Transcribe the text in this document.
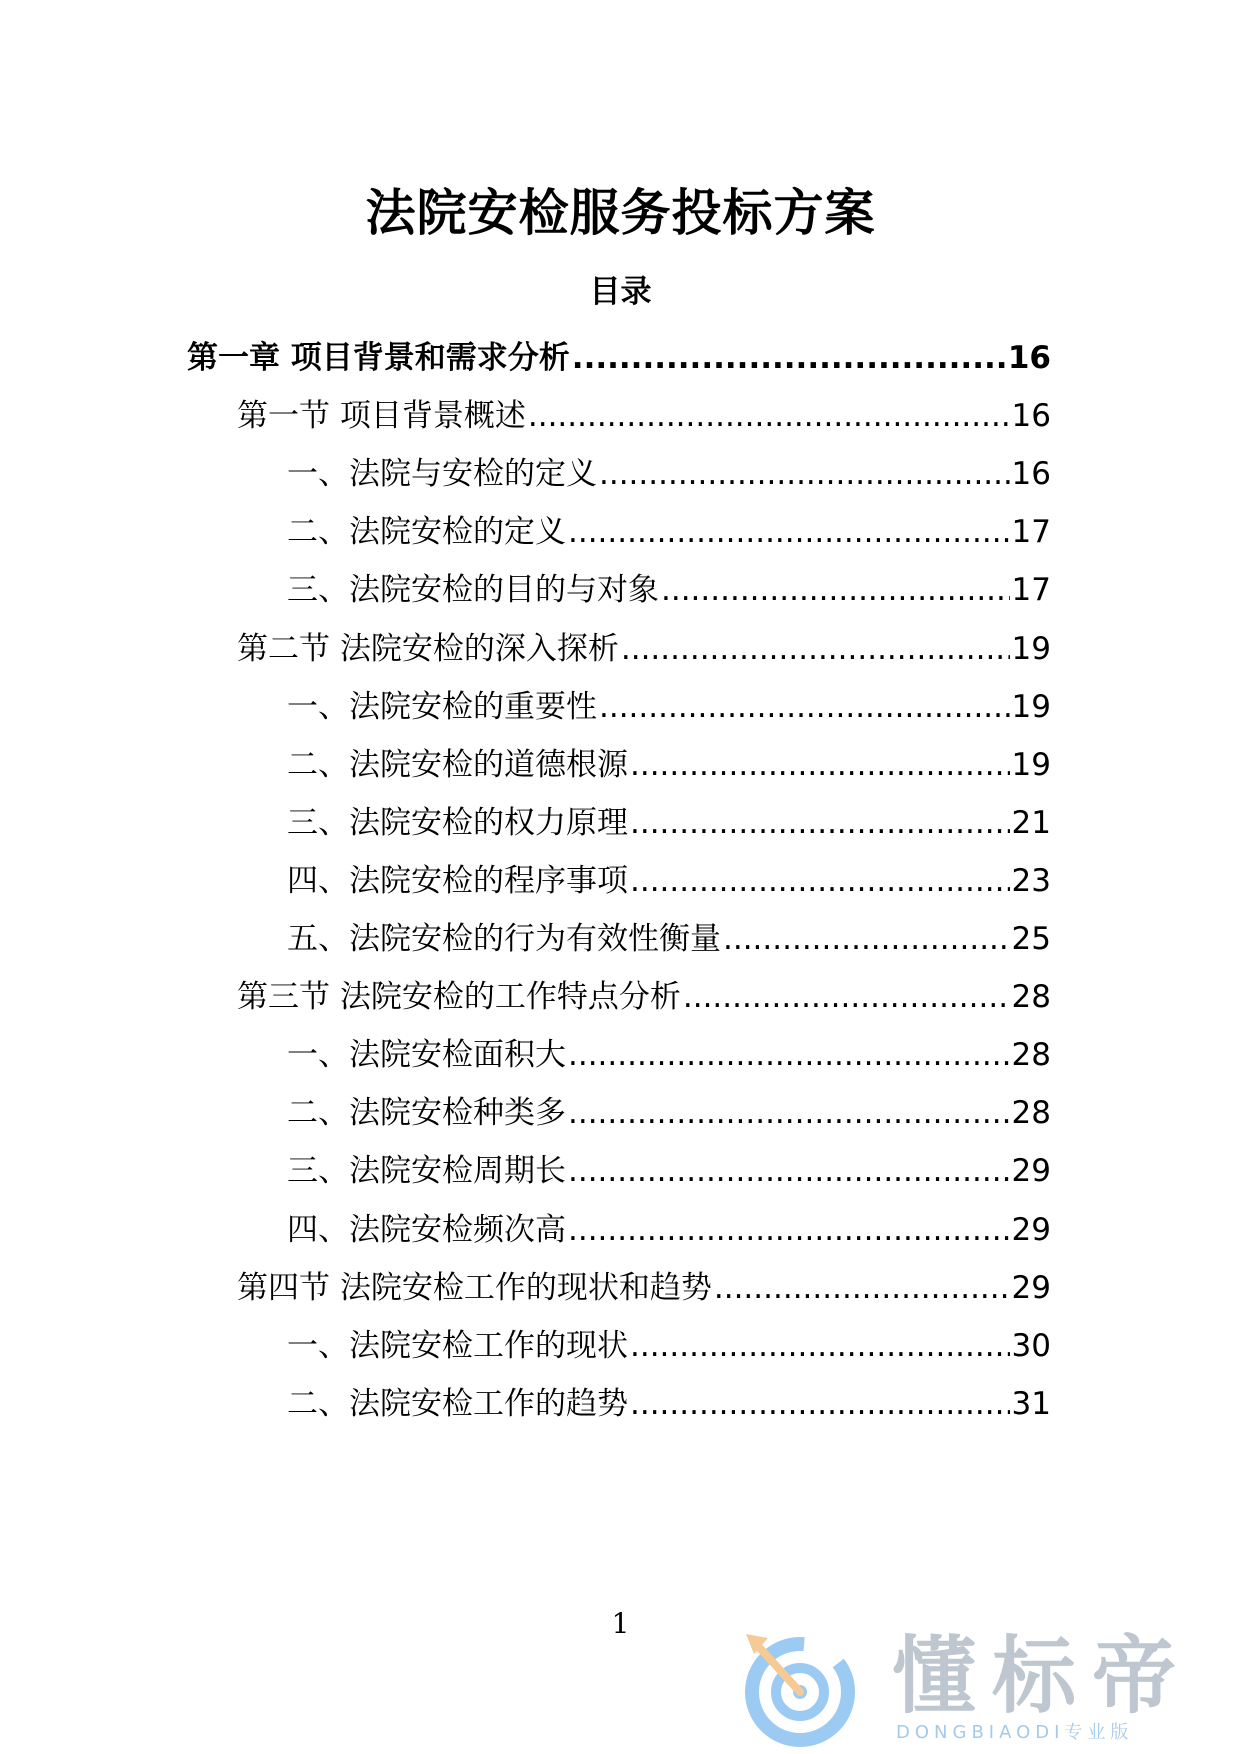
法院安检服务投标方案
目录
第一章 项目背景和需求分析 .....	16
第一节 项目背景概述 .....	16
一、法院与安检的定义 .....	16
二、法院安检的定义 .....	17
三、法院安检的目的与对象 .....	17
第二节 法院安检的深入探析 .....	19
一、法院安检的重要性 .....	19
二、法院安检的道德根源 .....	19
三、法院安检的权力原理 .....	21
四、法院安检的程序事项 .....	23
五、法院安检的行为有效性衡量 .....	25
第三节 法院安检的工作特点分析 .....	28
一、法院安检面积大 .....	28
二、法院安检种类多 .....	28
三、法院安检周期长 .....	29
四、法院安检频次高 .....	29
第四节 法院安检工作的现状和趋势 .....	29
一、法院安检工作的现状 .....	30
二、法院安检工作的趋势 .....	31
1
懂标帝
DONGBIAODI专业版
